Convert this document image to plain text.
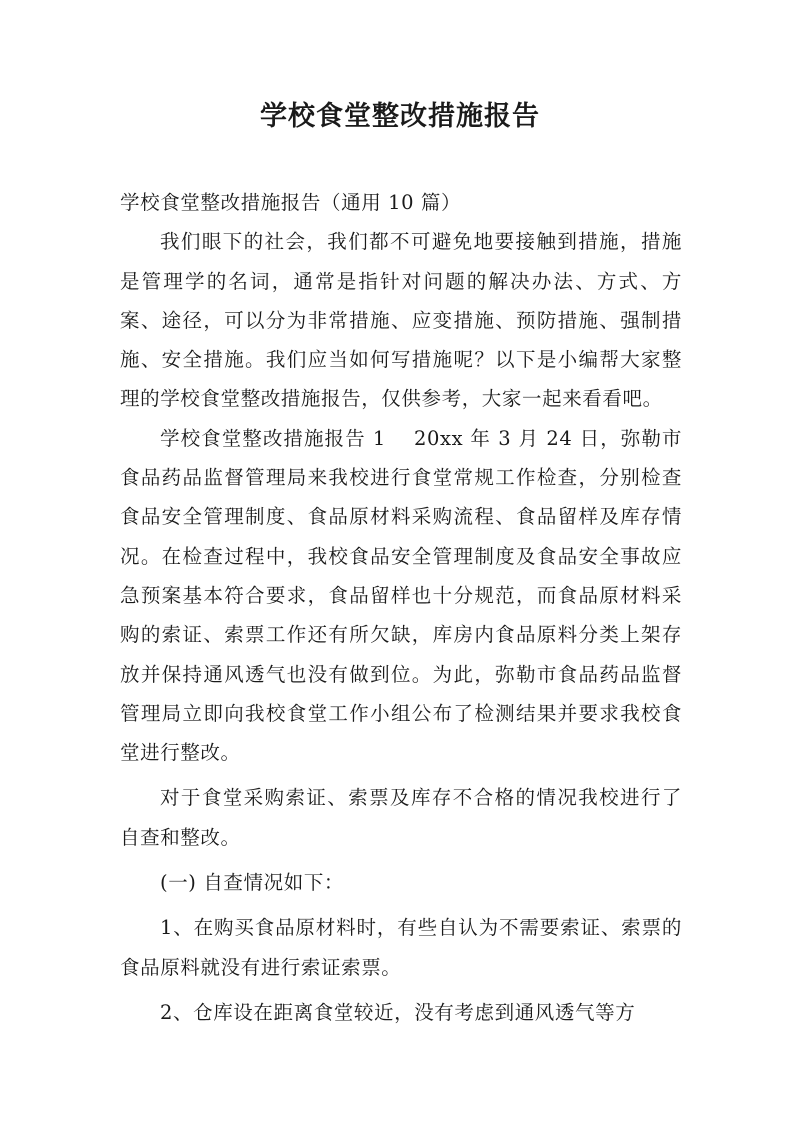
学校食堂整改措施报告

学校食堂整改措施报告（通用 10 篇）

我们眼下的社会，我们都不可避免地要接触到措施，措施是管理学的名词，通常是指针对问题的解决办法、方式、方案、途径，可以分为非常措施、应变措施、预防措施、强制措施、安全措施。我们应当如何写措施呢？以下是小编帮大家整理的学校食堂整改措施报告，仅供参考，大家一起来看看吧。

学校食堂整改措施报告 1 20xx 年 3 月 24 日，弥勒市食品药品监督管理局来我校进行食堂常规工作检查，分别检查食品安全管理制度、食品原材料采购流程、食品留样及库存情况。在检查过程中，我校食品安全管理制度及食品安全事故应急预案基本符合要求，食品留样也十分规范，而食品原材料采购的索证、索票工作还有所欠缺，库房内食品原料分类上架存放并保持通风透气也没有做到位。为此，弥勒市食品药品监督管理局立即向我校食堂工作小组公布了检测结果并要求我校食堂进行整改。

对于食堂采购索证、索票及库存不合格的情况我校进行了自查和整改。

(一) 自查情况如下：

1、在购买食品原材料时，有些自认为不需要索证、索票的食品原料就没有进行索证索票。

2、仓库设在距离食堂较近，没有考虑到通风透气等方
